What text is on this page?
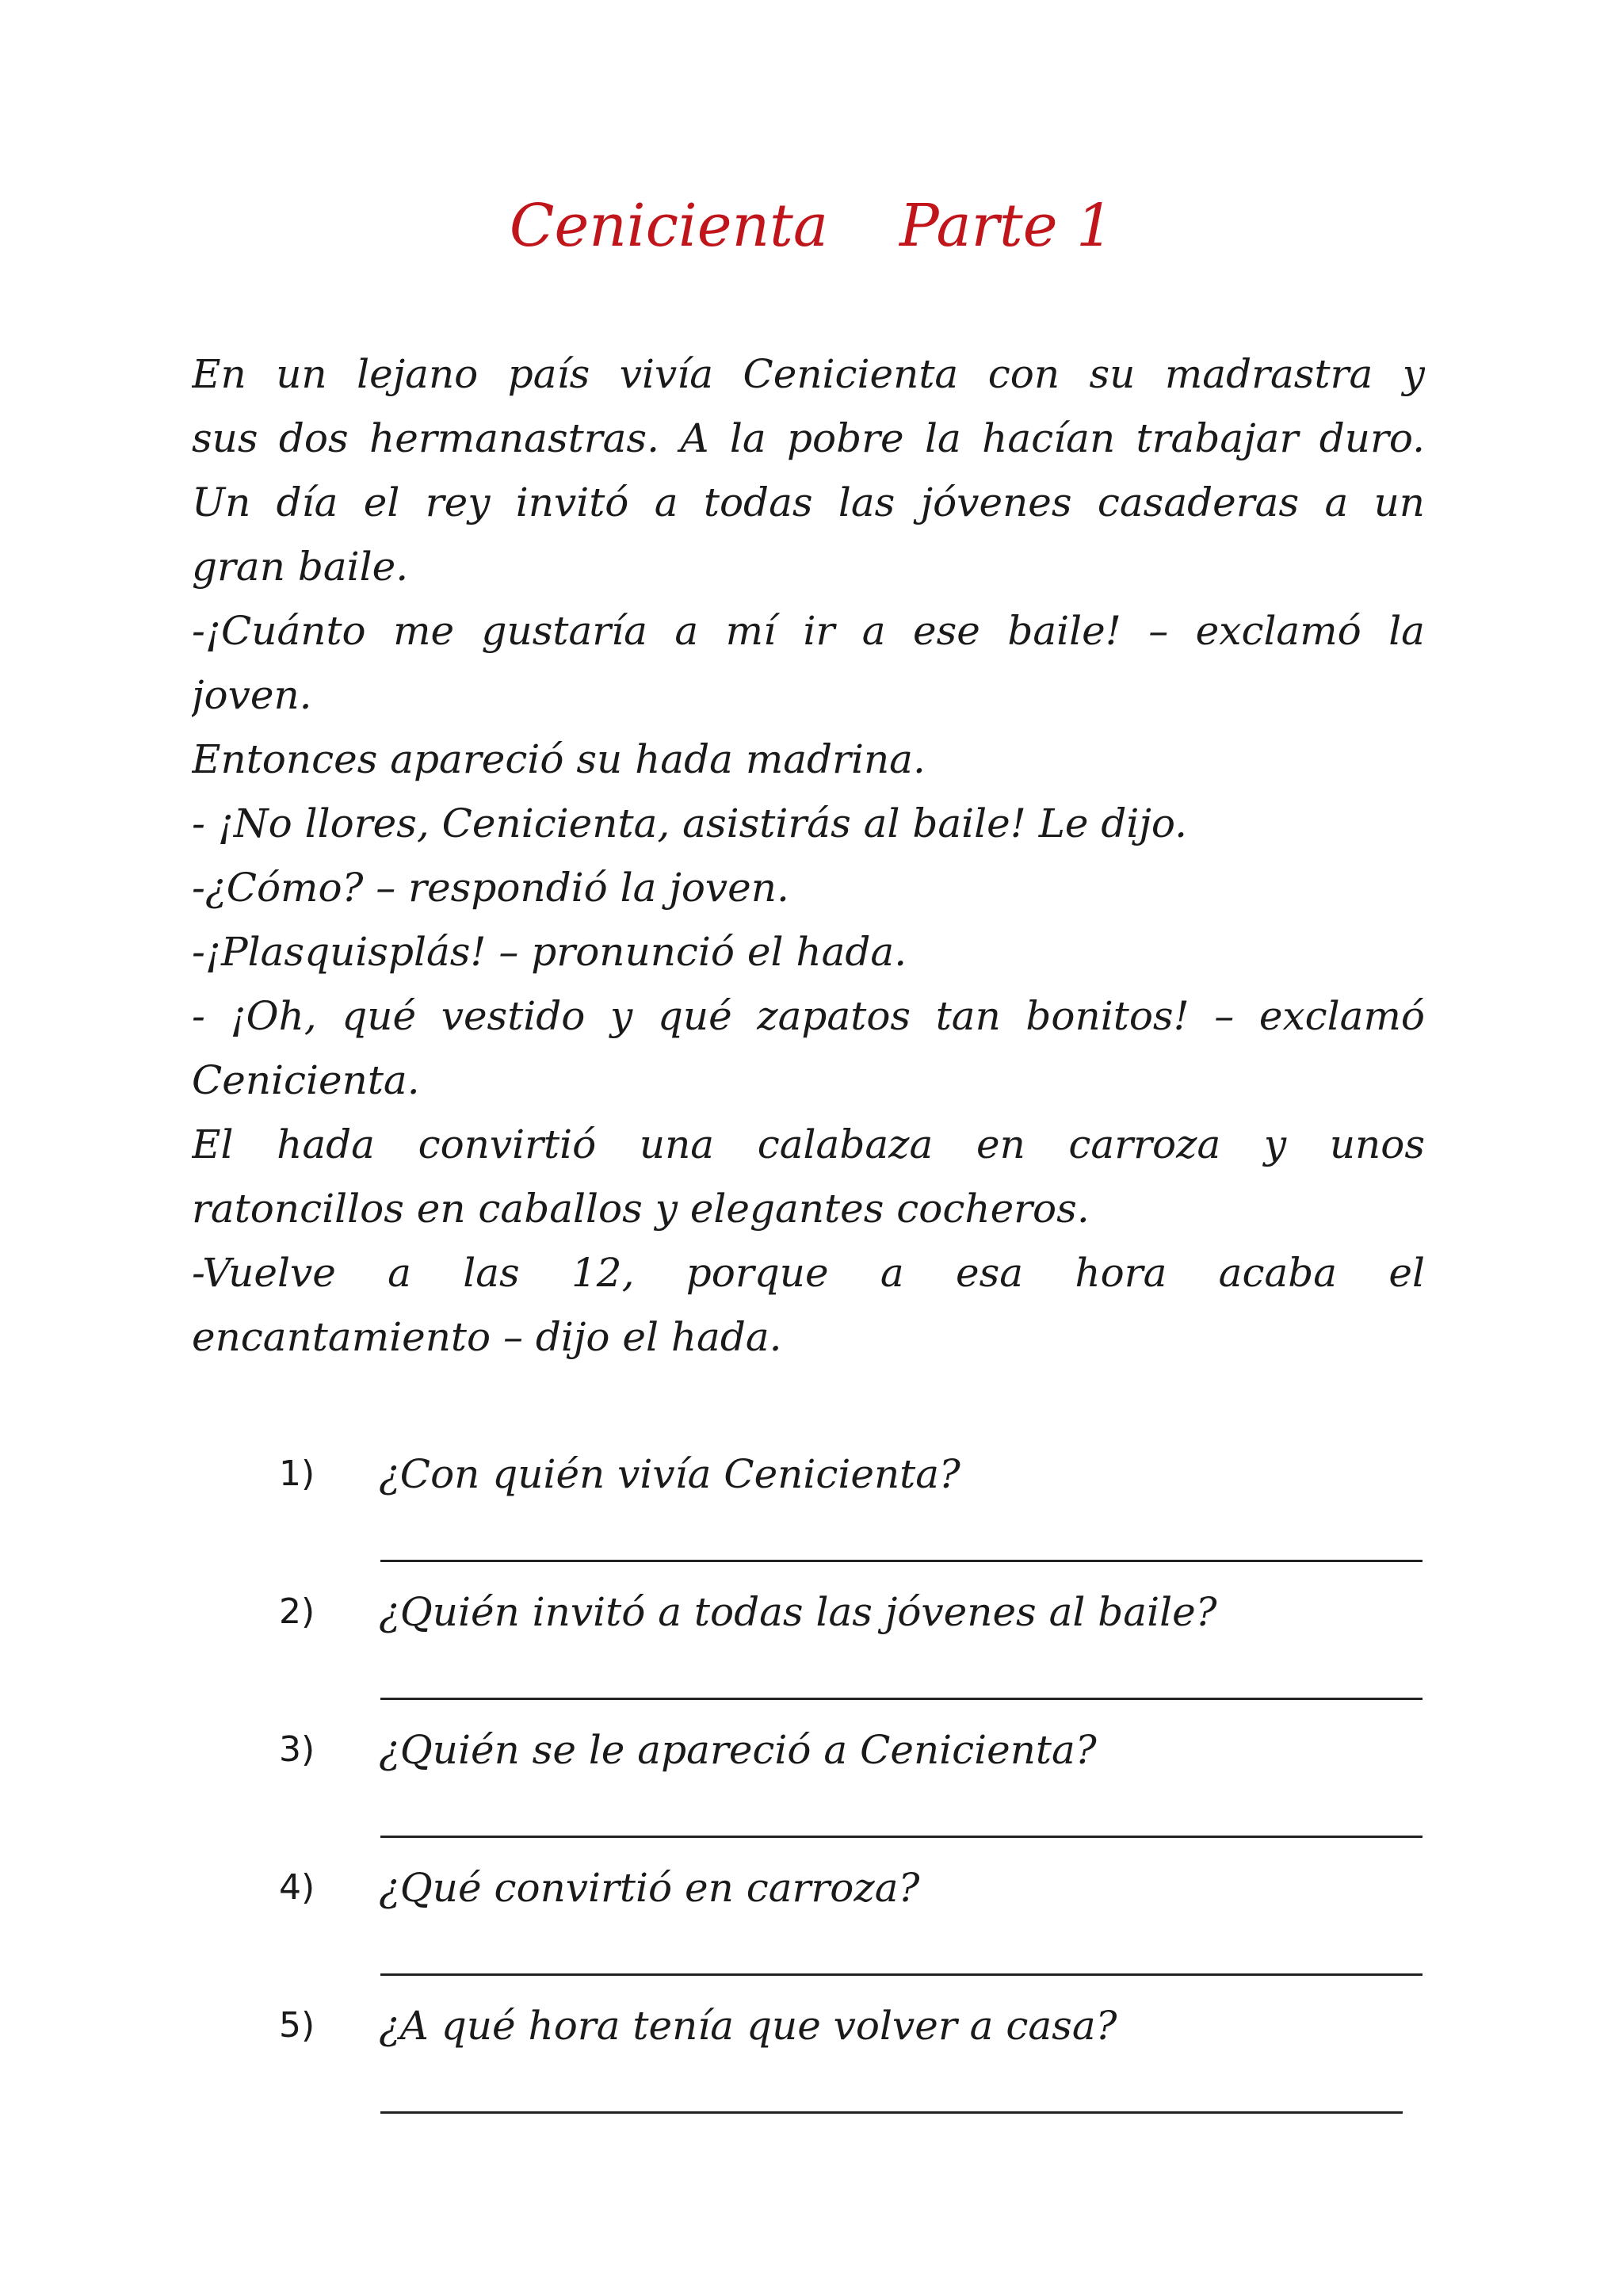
Cenicienta Parte 1
En un lejano país vivía Cenicienta con su madrastra y
sus dos hermanastras. A la pobre la hacían trabajar duro.
Un día el rey invitó a todas las jóvenes casaderas a un
gran baile.
-¡Cuánto me gustaría a mí ir a ese baile! – exclamó la
joven.
Entonces apareció su hada madrina.
- ¡No llores, Cenicienta, asistirás al baile! Le dijo.
-¿Cómo? – respondió la joven.
-¡Plasquisplás! – pronunció el hada.
- ¡Oh, qué vestido y qué zapatos tan bonitos! – exclamó
Cenicienta.
El hada convirtió una calabaza en carroza y unos
ratoncillos en caballos y elegantes cocheros.
-Vuelve a las 12, porque a esa hora acaba el
encantamiento – dijo el hada.
1) ¿Con quién vivía Cenicienta?
2) ¿Quién invitó a todas las jóvenes al baile?
3) ¿Quién se le apareció a Cenicienta?
4) ¿Qué convirtió en carroza?
5) ¿A qué hora tenía que volver a casa?
